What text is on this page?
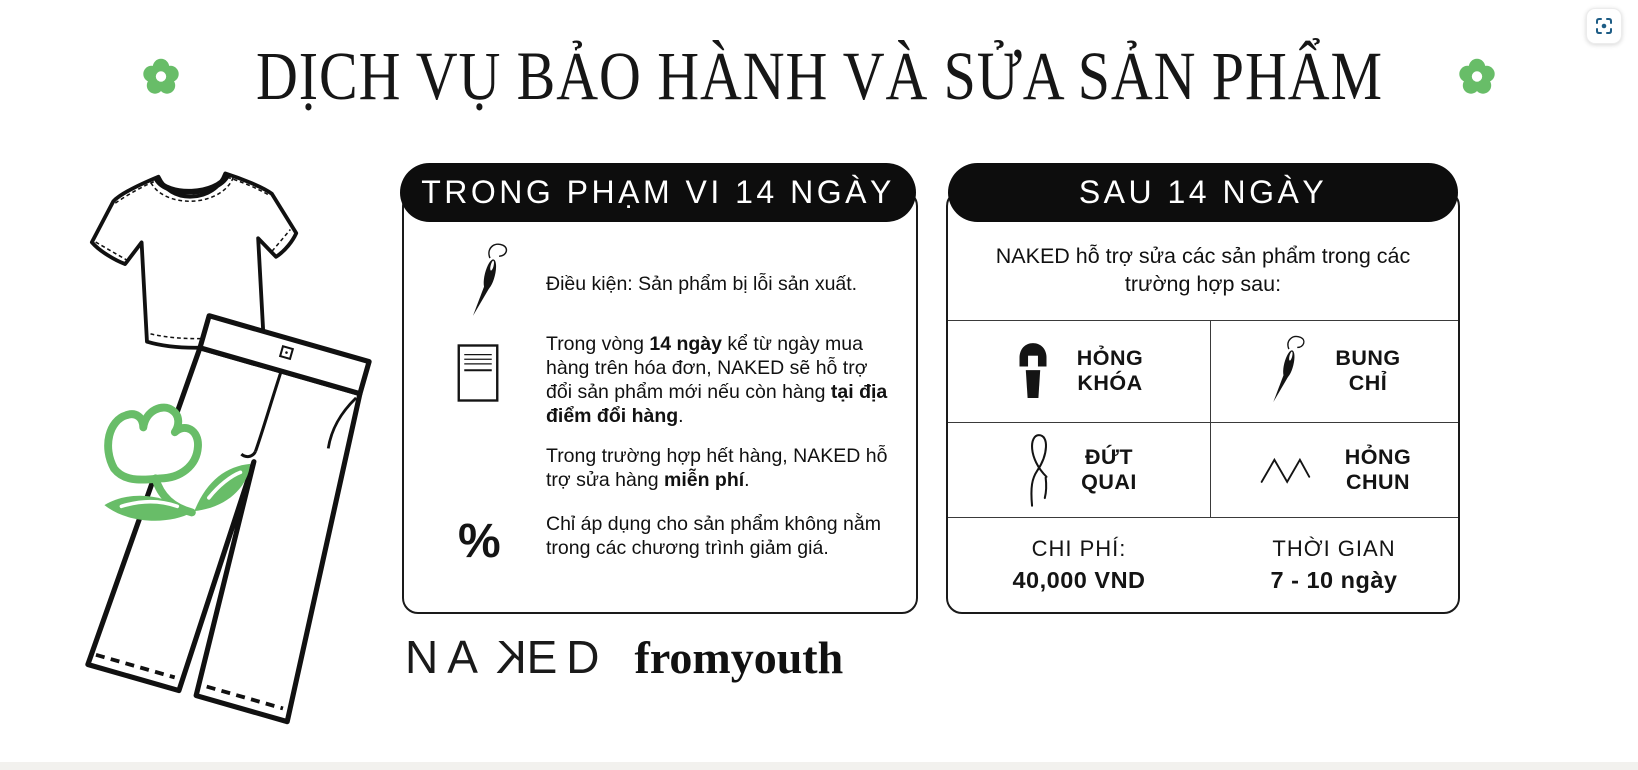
DỊCH VỤ BẢO HÀNH VÀ SỬA SẢN PHẨM
TRONG PHẠM VI 14 NGÀY
Điều kiện: Sản phẩm bị lỗi sản xuất.
Trong vòng 14 ngày kể từ ngày mua hàng trên hóa đơn, NAKED sẽ hỗ trợ đổi sản phẩm mới nếu còn hàng tại địa điểm đổi hàng.
Trong trường hợp hết hàng, NAKED hỗ trợ sửa hàng miễn phí.
% Chỉ áp dụng cho sản phẩm không nằm trong các chương trình giảm giá.
SAU 14 NGÀY
NAKED hỗ trợ sửa các sản phẩm trong các trường hợp sau:
HỎNG
KHÓA
BUNG
CHỈ
ĐỨT
QUAI
HỎNG
CHUN
CHI PHÍ:
40,000 VND
THỜI GIAN
7 - 10 ngày
NA K ED fromyouth
